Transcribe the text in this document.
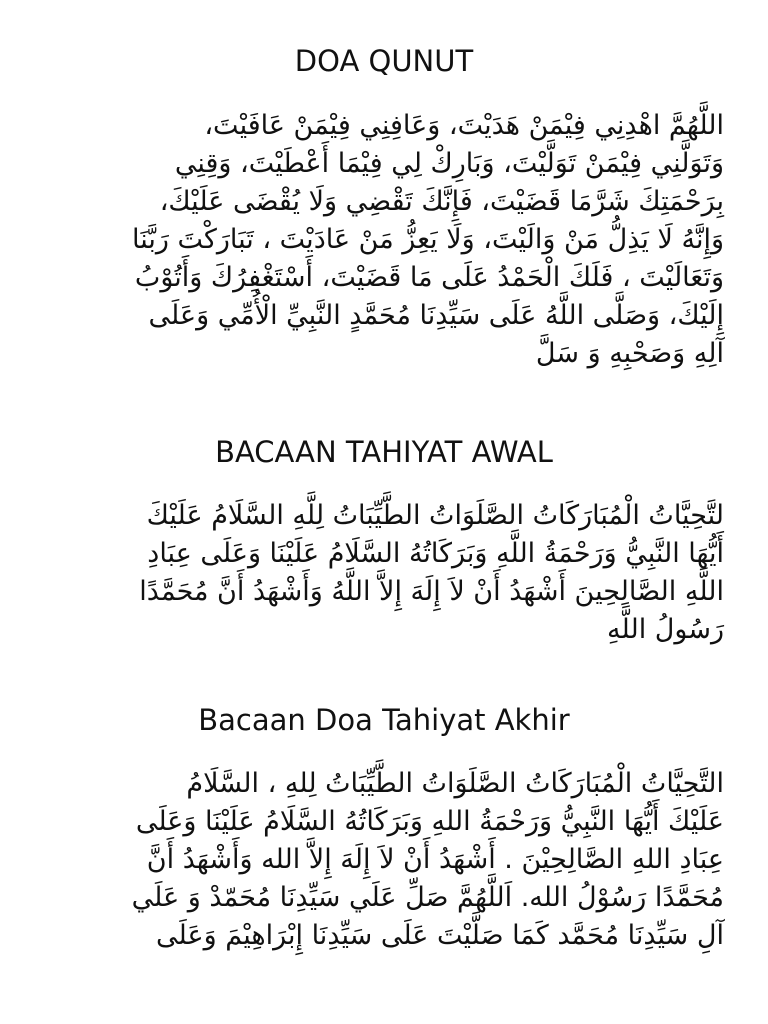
DOA QUNUT
اللَّهُمَّ اهْدِنِي فِيْمَنْ هَدَيْتَ، وَعَافِنِي فِيْمَنْ عَافَيْتَ،
وَتَوَلَّنِي فِيْمَنْ تَوَلَّيْتَ، وَبَارِكْ لِي فِيْمَا أَعْطَيْتَ، وَقِنِي
بِرَحْمَتِكَ شَرَّمَا قَضَيْتَ، فَإِنَّكَ تَقْضِي وَلَا يُقْضَى عَلَيْكَ،
وَإِنَّهُ لَا يَذِلُّ مَنْ وَالَيْتَ، وَلَا يَعِزُّ مَنْ عَادَيْتَ ، تَبَارَكْتَ رَبَّنَا
وَتَعَالَيْتَ ، فَلَكَ الْحَمْدُ عَلَى مَا قَضَيْتَ، أَسْتَغْفِرُكَ وَأَتُوْبُ
إِلَيْكَ، وَصَلَّى اللَّهُ عَلَى سَيِّدِنَا مُحَمَّدٍ النَّبِيِّ الْأُمِّي وَعَلَى
آلِهِ وَصَحْبِهِ وَ سَلَّ
BACAAN TAHIYAT AWAL
لتَّحِيَّاتُ الْمُبَارَكَاتُ الصَّلَوَاتُ الطَّيِّبَاتُ لِلَّهِ السَّلَامُ عَلَيْكَ
أَيُّهَا النَّبِيُّ وَرَحْمَةُ اللَّهِ وَبَرَكَاتُهُ السَّلَامُ عَلَيْنَا وَعَلَى عِبَادِ
اللَّهِ الصَّالِحِينَ أَشْهَدُ أَنْ لاَ إِلَهَ إِلاَّ اللَّهُ وَأَشْهَدُ أَنَّ مُحَمَّدًا
رَسُولُ اللَّهِ
Bacaan Doa Tahiyat Akhir
التَّحِيَّاتُ الْمُبَارَكَاتُ الصَّلَوَاتُ الطَّيِّبَاتُ لِلهِ ، السَّلَامُ
عَلَيْكَ أَيُّهَا النَّبِيُّ وَرَحْمَةُ اللهِ وَبَرَكَاتُهُ السَّلَامُ عَلَيْنَا وَعَلَى
عِبَادِ اللهِ الصَّالِحِيْنَ . أَشْهَدُ أَنْ لاَ إِلَهَ إِلاَّ الله وَأَشْهَدُ أَنَّ
مُحَمَّدًا رَسُوْلُ الله. اَللَّهُمَّ صَلِّ عَلَي سَيِّدِنَا مُحَمّدْ وَ عَلَي
آلِ سَيِّدِنَا مُحَمَّد كَمَا صَلَّيْتَ عَلَى سَيِّدِنَا إِبْرَاهِيْمَ وَعَلَى
